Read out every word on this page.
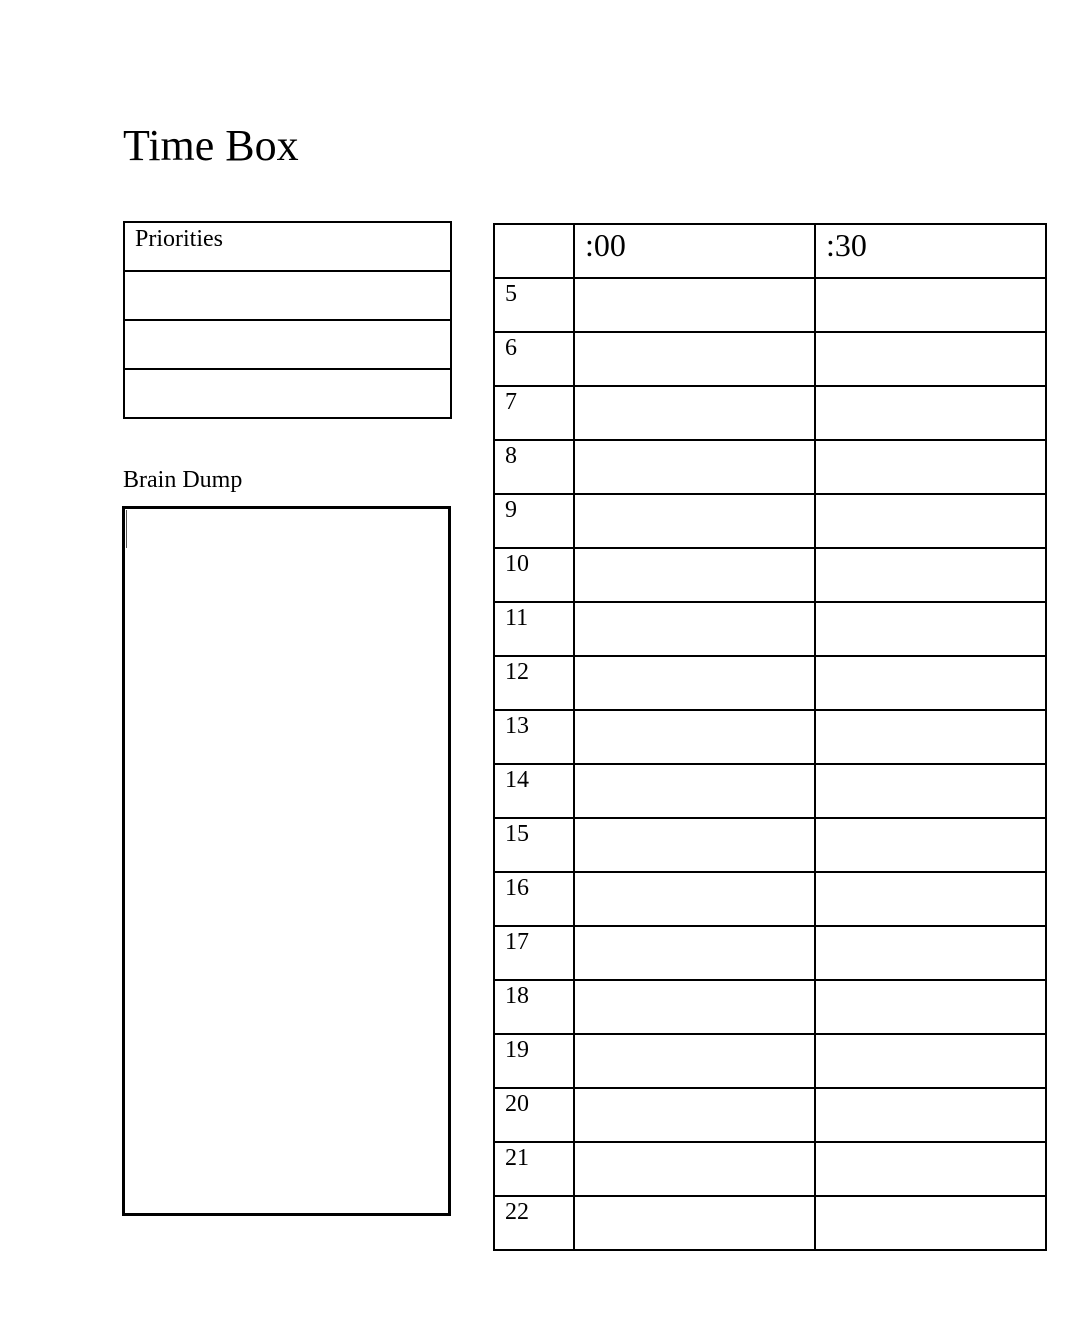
Time Box
Priorities

Brain Dump
	:00	:30
5		
6		
7		
8		
9		
10		
11		
12		
13		
14		
15		
16		
17		
18		
19		
20		
21		
22		
